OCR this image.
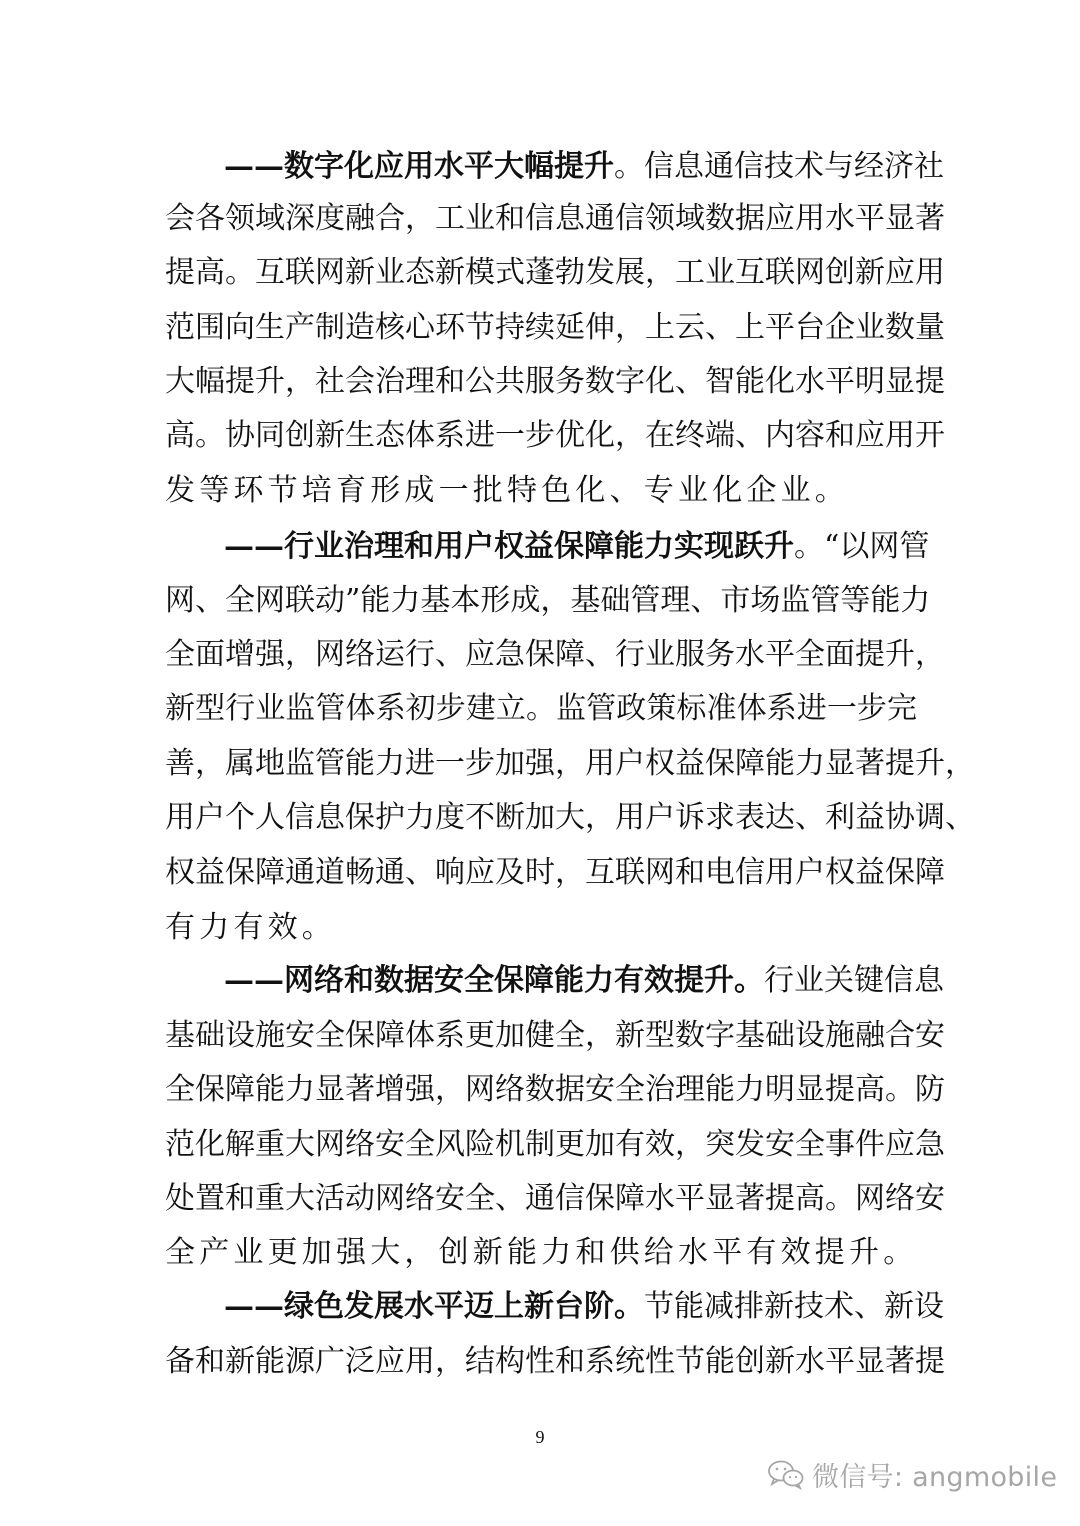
——数字化应用水平大幅提升。信息通信技术与经济社
会各领域深度融合，工业和信息通信领域数据应用水平显著
提高。互联网新业态新模式蓬勃发展，工业互联网创新应用
范围向生产制造核心环节持续延伸，上云、上平台企业数量
大幅提升，社会治理和公共服务数字化、智能化水平明显提
高。协同创新生态体系进一步优化，在终端、内容和应用开
发等环节培育形成一批特色化、专业化企业。
——行业治理和用户权益保障能力实现跃升。“以网管
网、全网联动”能力基本形成，基础管理、市场监管等能力
全面增强，网络运行、应急保障、行业服务水平全面提升，
新型行业监管体系初步建立。监管政策标准体系进一步完
善，属地监管能力进一步加强，用户权益保障能力显著提升，
用户个人信息保护力度不断加大，用户诉求表达、利益协调、
权益保障通道畅通、响应及时，互联网和电信用户权益保障
有力有效。
——网络和数据安全保障能力有效提升。行业关键信息
基础设施安全保障体系更加健全，新型数字基础设施融合安
全保障能力显著增强，网络数据安全治理能力明显提高。防
范化解重大网络安全风险机制更加有效，突发安全事件应急
处置和重大活动网络安全、通信保障水平显著提高。网络安
全产业更加强大，创新能力和供给水平有效提升。
——绿色发展水平迈上新台阶。节能减排新技术、新设
备和新能源广泛应用，结构性和系统性节能创新水平显著提
9
微信号: angmobile
